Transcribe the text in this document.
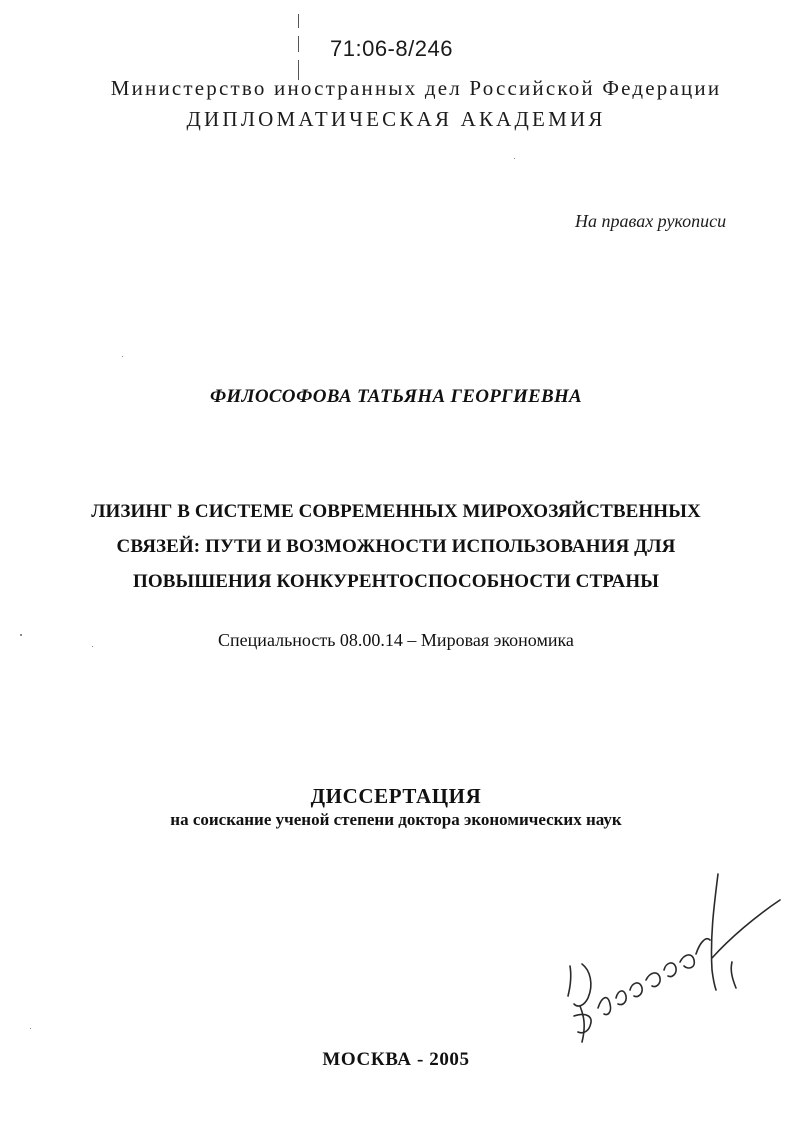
71:06-8/246
Министерство иностранных дел Российской Федерации
ДИПЛОМАТИЧЕСКАЯ АКАДЕМИЯ
На правах рукописи
ФИЛОСОФОВА ТАТЬЯНА ГЕОРГИЕВНА
ЛИЗИНГ В СИСТЕМЕ СОВРЕМЕННЫХ МИРОХОЗЯЙСТВЕННЫХ
СВЯЗЕЙ: ПУТИ И ВОЗМОЖНОСТИ ИСПОЛЬЗОВАНИЯ ДЛЯ
ПОВЫШЕНИЯ КОНКУРЕНТОСПОСОБНОСТИ СТРАНЫ
Специальность 08.00.14 – Мировая экономика
ДИССЕРТАЦИЯ
на соискание ученой степени доктора экономических наук
МОСКВА - 2005
